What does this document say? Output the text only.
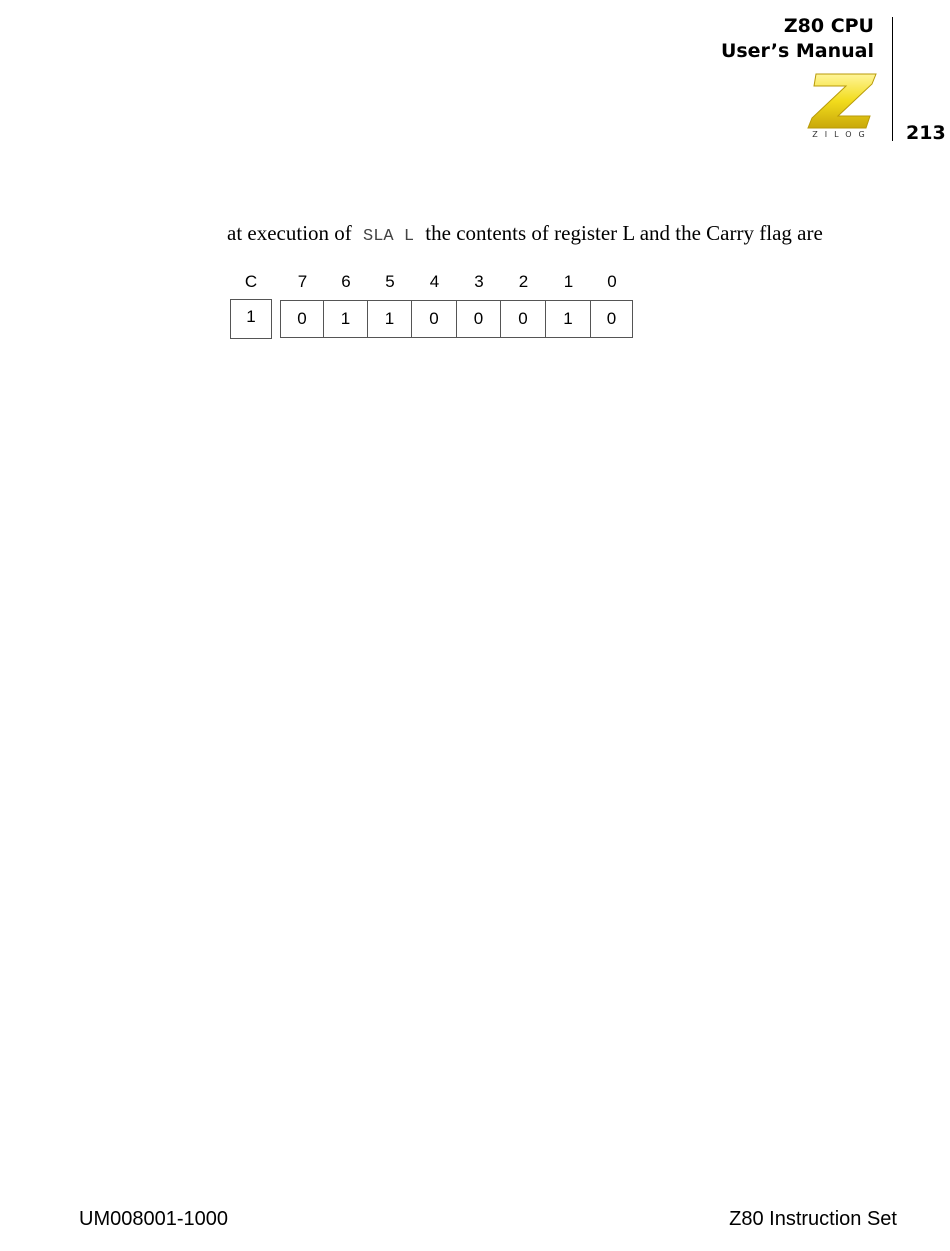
Z80 CPU
User’s Manual
ZILOG	213
at execution of SLA L the contents of register L and the Carry flag are
C	7	6	5	4	3	2	1	0
1	0	1	1	0	0	0	1	0
UM008001-1000	Z80 Instruction Set
